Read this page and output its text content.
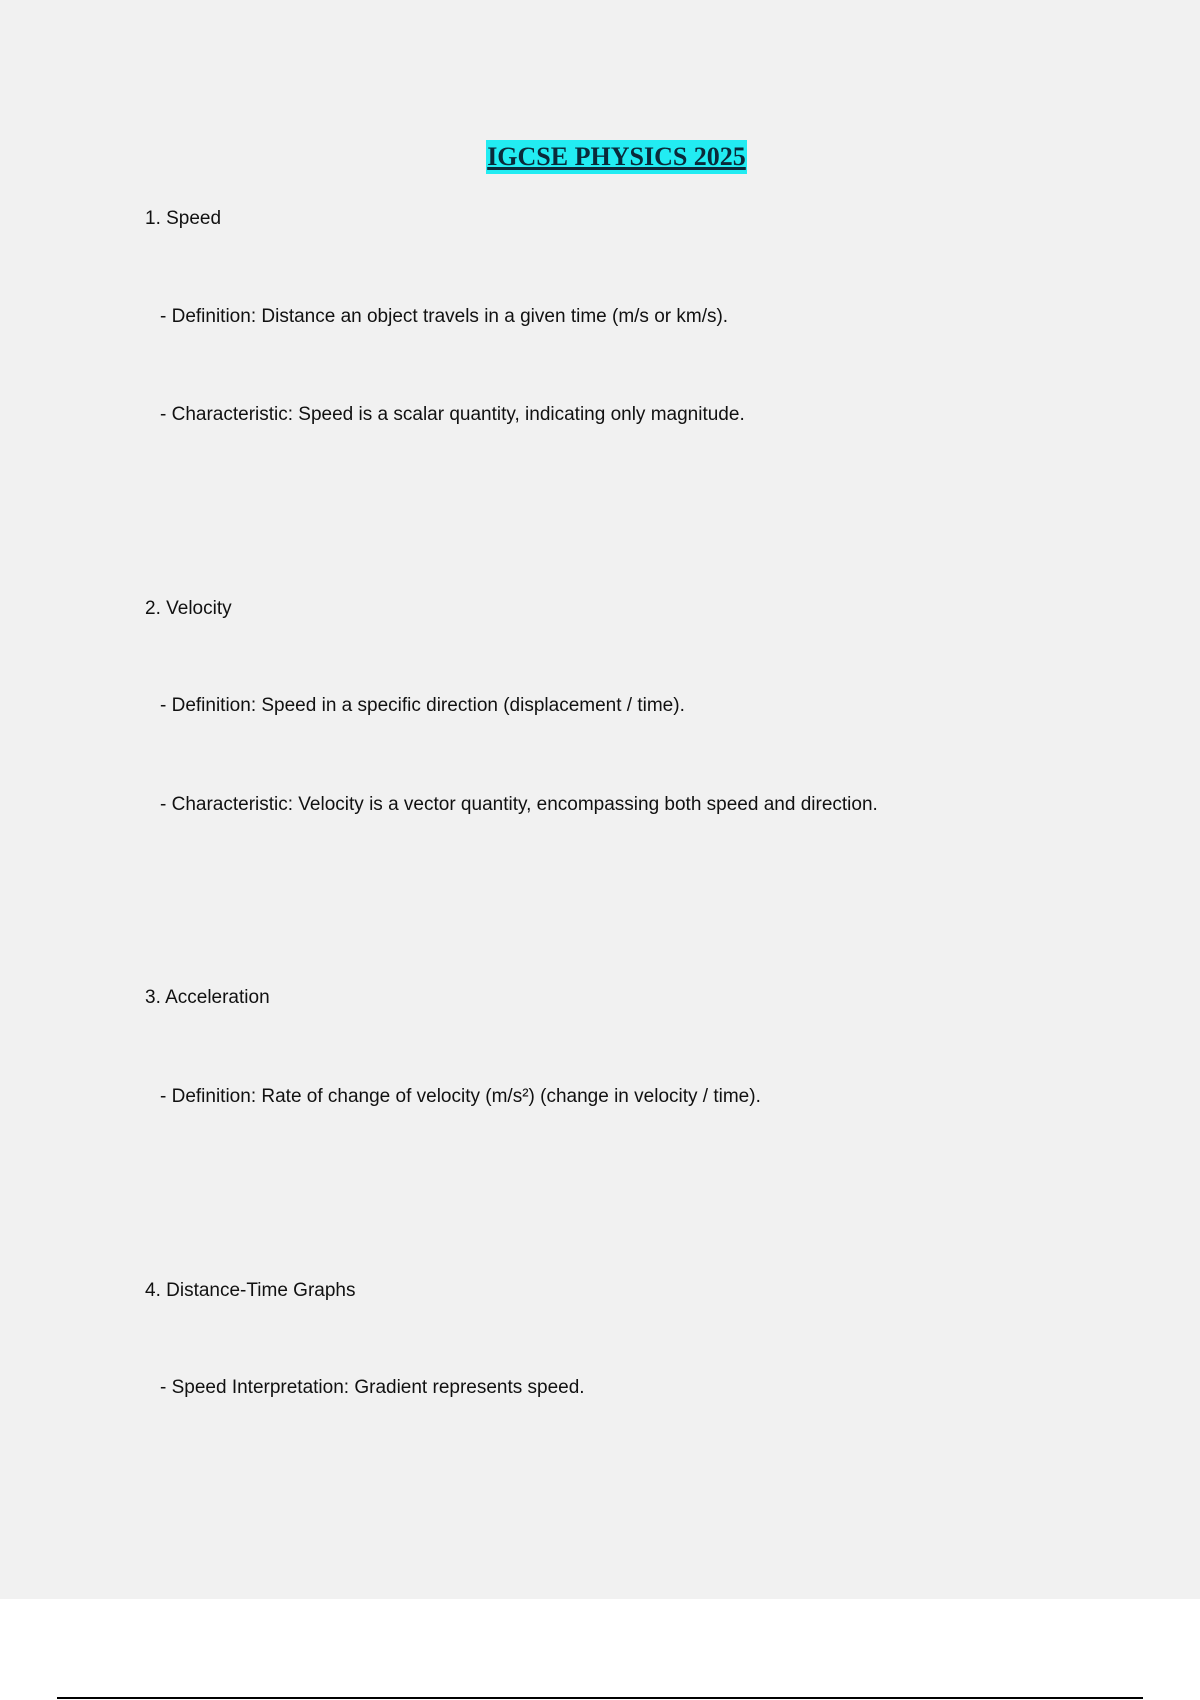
IGCSE PHYSICS 2025
1. Speed
- Definition: Distance an object travels in a given time (m/s or km/s).
- Characteristic: Speed is a scalar quantity, indicating only magnitude.
2. Velocity
- Definition: Speed in a specific direction (displacement / time).
- Characteristic: Velocity is a vector quantity, encompassing both speed and direction.
3. Acceleration
- Definition: Rate of change of velocity (m/s²) (change in velocity / time).
4. Distance-Time Graphs
- Speed Interpretation: Gradient represents speed.
